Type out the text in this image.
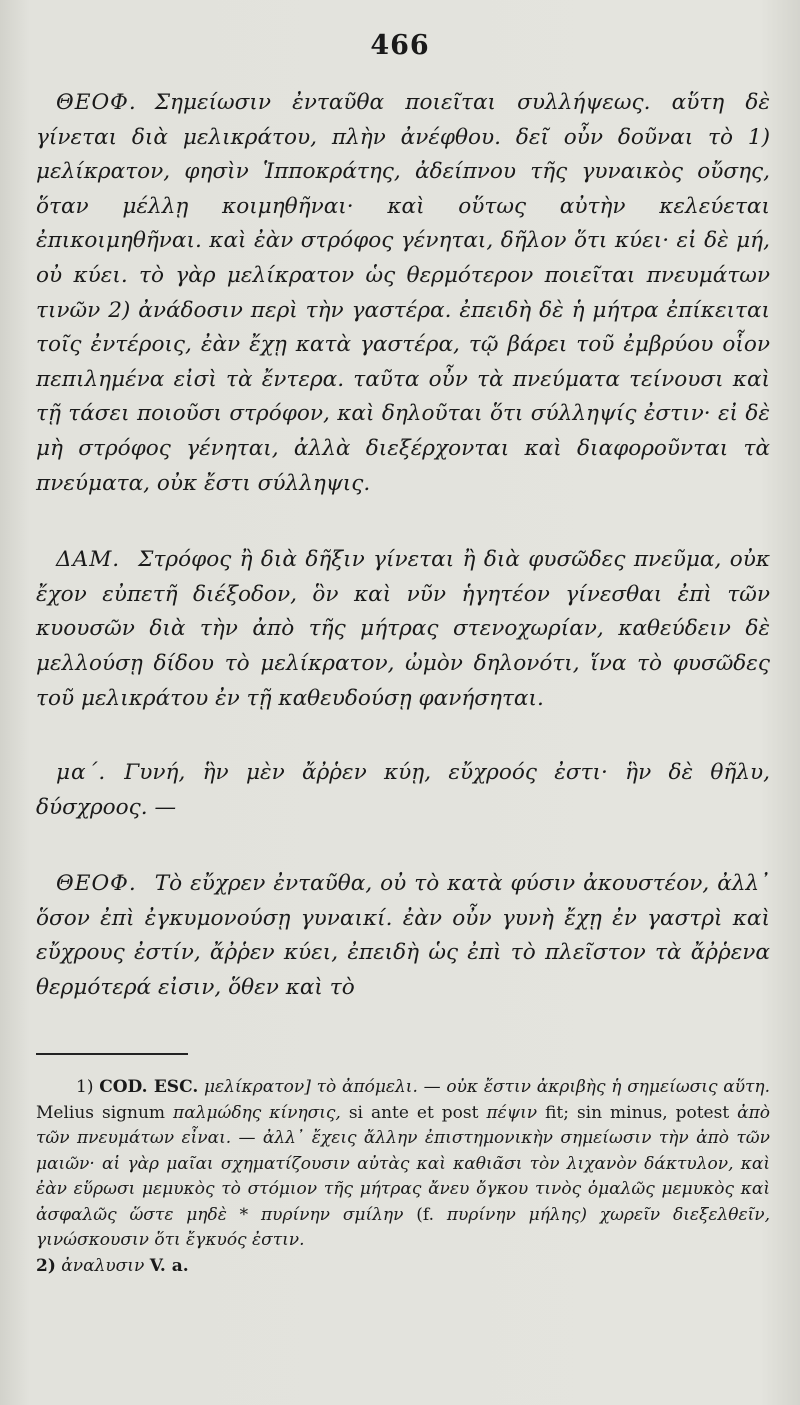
466

ΘΕΟΦ. Σημείωσιν ἐνταῦθα ποιεῖται συλλήψεως. αὕτη δὲ γίνεται διὰ μελικράτου, πλὴν ἀνέφθου. δεῖ οὖν δοῦναι τὸ 1) μελίκρατον, φησὶν Ἱπποκράτης, ἀδείπνου τῆς γυναικὸς οὔσης, ὅταν μέλλῃ κοιμηθῆναι· καὶ οὕτως αὐτὴν κελεύεται ἐπικοιμηθῆναι. καὶ ἐὰν στρόφος γένηται, δῆλον ὅτι κύει· εἰ δὲ μή, οὐ κύει. τὸ γὰρ μελίκρατον ὡς θερμότερον ποιεῖται πνευμάτων τινῶν 2) ἀνάδοσιν περὶ τὴν γαστέρα. ἐπειδὴ δὲ ἡ μήτρα ἐπίκειται τοῖς ἐντέροις, ἐὰν ἔχῃ κατὰ γαστέρα, τῷ βάρει τοῦ ἐμβρύου οἷον πεπιλημένα εἰσὶ τὰ ἔντερα. ταῦτα οὖν τὰ πνεύματα τείνουσι καὶ τῇ τάσει ποιοῦσι στρόφον, καὶ δηλοῦται ὅτι σύλληψίς ἐστιν· εἰ δὲ μὴ στρόφος γένηται, ἀλλὰ διεξέρχονται καὶ διαφοροῦνται τὰ πνεύματα, οὐκ ἔστι σύλληψις.

ΔΑΜ. Στρόφος ἢ διὰ δῆξιν γίνεται ἢ διὰ φυσῶδες πνεῦμα, οὐκ ἔχον εὐπετῆ διέξοδον, ὃν καὶ νῦν ἡγητέον γίνεσθαι ἐπὶ τῶν κυουσῶν διὰ τὴν ἀπὸ τῆς μήτρας στενοχωρίαν, καθεύδειν δὲ μελλούσῃ δίδου τὸ μελίκρατον, ὠμὸν δηλονότι, ἵνα τὸ φυσῶδες τοῦ μελικράτου ἐν τῇ καθευδούσῃ φανήσηται.

μα΄. Γυνή, ἣν μὲν ἄῤῥεν κύῃ, εὔχροός ἐστι· ἣν δὲ θῆλυ, δύσχροος. —

ΘΕΟΦ. Τὸ εὔχρεν ἐνταῦθα, οὐ τὸ κατὰ φύσιν ἀκουστέον, ἀλλ᾽ ὅσον ἐπὶ ἐγκυμονούσῃ γυναικί. ἐὰν οὖν γυνὴ ἔχῃ ἐν γαστρὶ καὶ εὔχρους ἐστίν, ἄῤῥεν κύει, ἐπειδὴ ὡς ἐπὶ τὸ πλεῖστον τὰ ἄῤῥενα θερμότερά εἰσιν, ὅθεν καὶ τὸ

1) COD. ESC. μελίκρατον] τὸ ἀπόμελι. — οὐκ ἔστιν ἀκριβὴς ἡ σημείωσις αὕτη. Melius signum παλμώδης κίνησις, si ante et post πέψιν fit; sin minus, potest ἀπὸ τῶν πνευμάτων εἶναι. — ἀλλ᾽ ἔχεις ἄλλην ἐπιστημονικὴν σημείωσιν τὴν ἀπὸ τῶν μαιῶν· αἱ γὰρ μαῖαι σχηματίζουσιν αὐτὰς καὶ καθιᾶσι τὸν λιχανὸν δάκτυλον, καὶ ἐὰν εὕρωσι μεμυκὸς τὸ στόμιον τῆς μήτρας ἄνευ ὄγκου τινὸς ὁμαλῶς μεμυκὸς καὶ ἀσφαλῶς ὥστε μηδὲ * πυρίνην σμίλην (f. πυρίνην μήλης) χωρεῖν διεξελθεῖν, γινώσκουσιν ὅτι ἔγκυός ἐστιν.

2) ἀναλυσιν V. a.
